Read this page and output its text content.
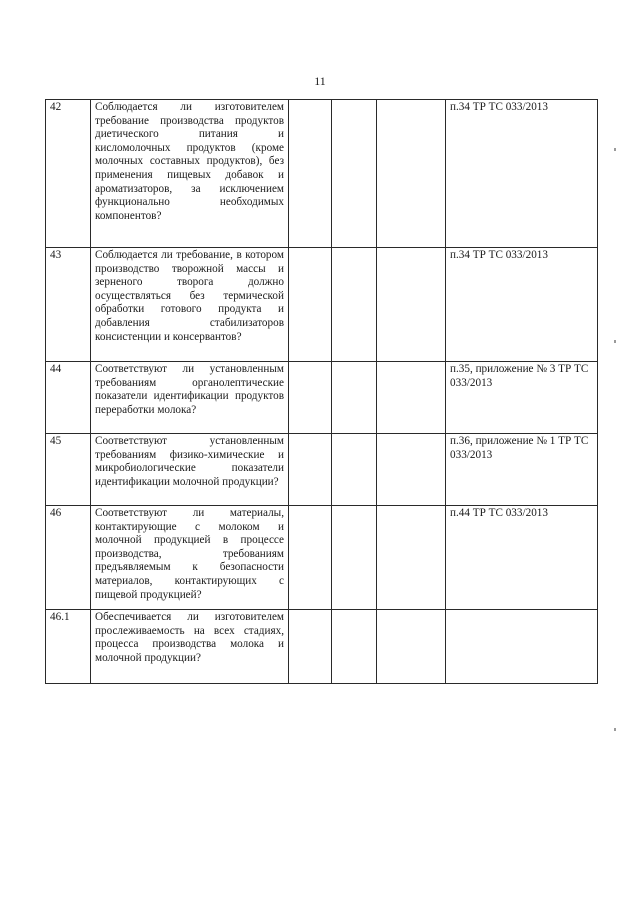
11
42	Соблюдается ли изготовителем требование производства продуктов диетического питания и кисломолочных продуктов (кроме молочных составных продуктов), без применения пищевых добавок и ароматизаторов, за исключением функционально необходимых компонентов?				п.34 ТР ТС 033/2013
43	Соблюдается ли требование, в котором производство творожной массы и зерненого творога должно осуществляться без термической обработки готового продукта и добавления стабилизаторов консистенции и консервантов?				п.34 ТР ТС 033/2013
44	Соответствуют ли установленным требованиям органолептические показатели идентификации продуктов переработки молока?				п.35, приложение № 3 ТР ТС 033/2013
45	Соответствуют установленным требованиям физико-химические и микробиологические показатели идентификации молочной продукции?				п.36, приложение № 1 ТР ТС 033/2013
46	Соответствуют ли материалы, контактирующие с молоком и молочной продукцией в процессе производства, требованиям предъявляемым к безопасности материалов, контактирующих с пищевой продукцией?				п.44 ТР ТС 033/2013
46.1	Обеспечивается ли изготовителем прослеживаемость на всех стадиях, процесса производства молока и молочной продукции?				
